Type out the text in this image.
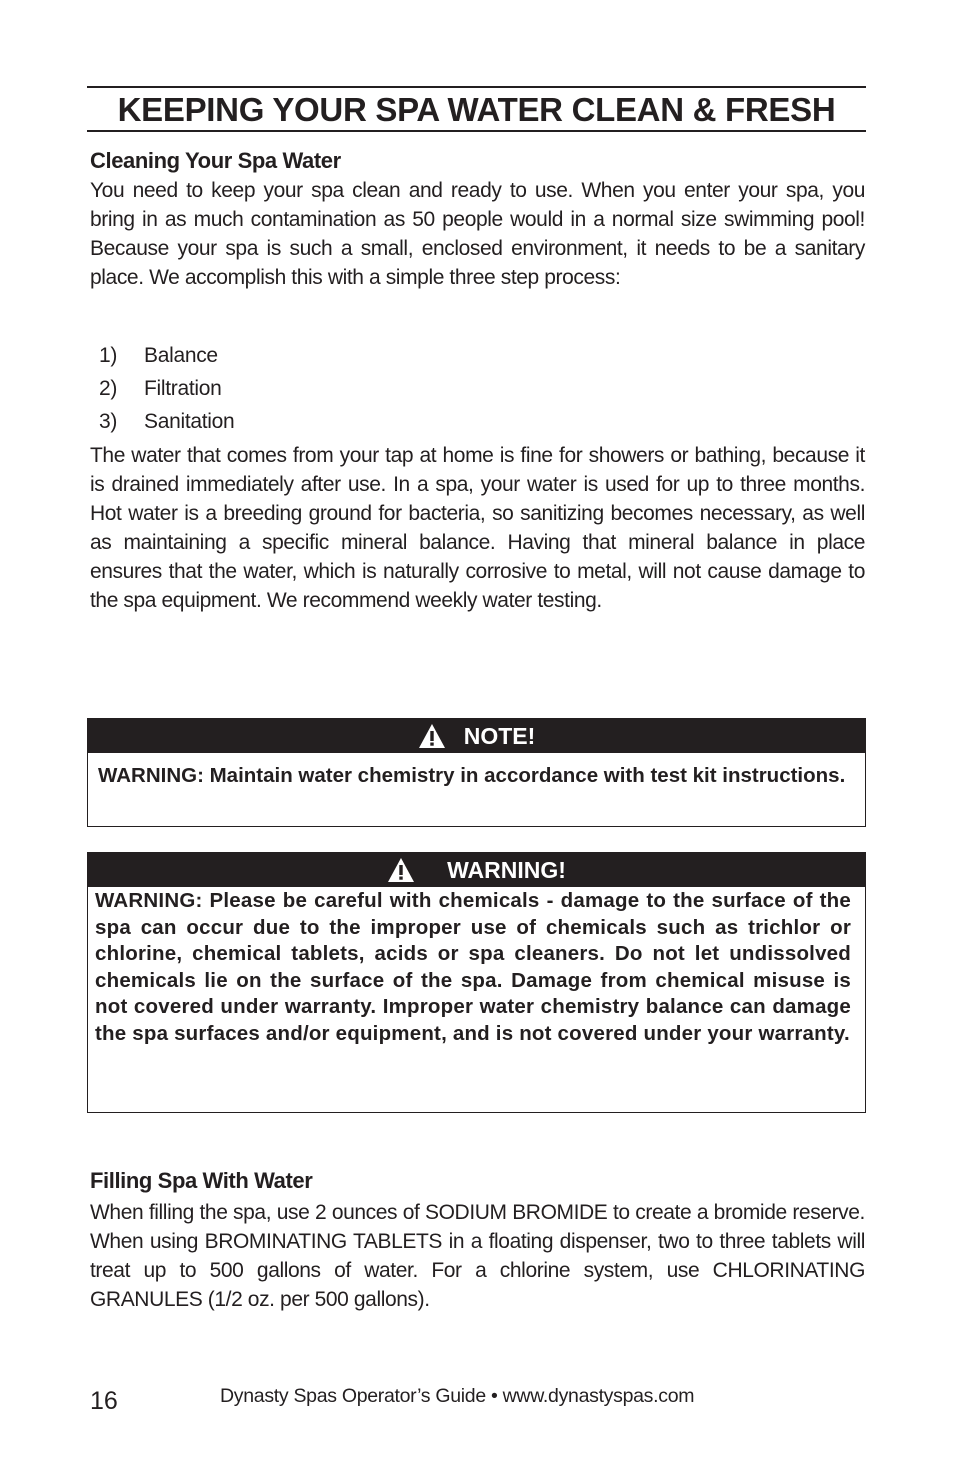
KEEPING YOUR SPA WATER CLEAN & FRESH
Cleaning Your Spa Water
You need to keep your spa clean and ready to use. When you enter your spa, you bring in as much contamination as 50 people would in a normal size swimming pool! Because your spa is such a small, enclosed environment, it needs to be a sanitary place. We accomplish this with a simple three step process:
1)	Balance
2)	Filtration
3)	Sanitation
The water that comes from your tap at home is fine for showers or bathing, because it is drained immediately after use. In a spa, your water is used for up to three months. Hot water is a breeding ground for bacteria, so sanitizing becomes necessary, as well as maintaining a specific mineral balance. Having that mineral balance in place ensures that the water, which is naturally corrosive to metal, will not cause damage to the spa equipment. We recommend weekly water testing.
NOTE!
WARNING: Maintain water chemistry in accordance with test kit instructions.
WARNING!
WARNING: Please be careful with chemicals - damage to the surface of the spa can occur due to the improper use of chemicals such as trichlor or chlorine, chemical tablets, acids or spa cleaners. Do not let undissolved chemicals lie on the surface of the spa. Damage from chemical misuse is not covered under warranty. Improper water chemistry balance can damage the spa surfaces and/or equipment, and is not covered under your warranty.
Filling Spa With Water
When filling the spa, use 2 ounces of SODIUM BROMIDE to create a bromide reserve. When using BROMINATING TABLETS in a floating dispenser, two to three tablets will treat up to 500 gallons of water. For a chlorine system, use CHLORINATING GRANULES (1/2 oz. per 500 gallons).
16	Dynasty Spas Operator’s Guide • www.dynastyspas.com
